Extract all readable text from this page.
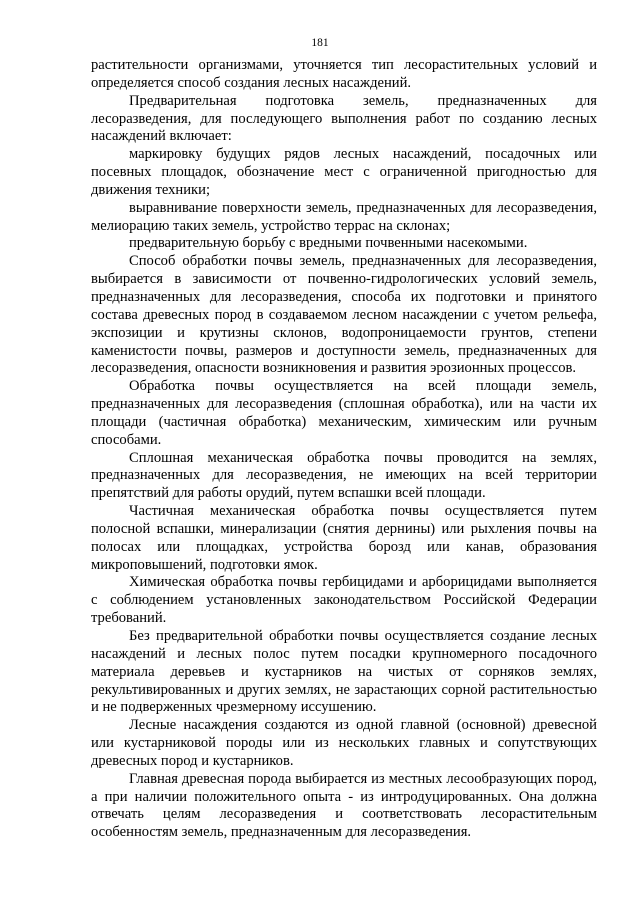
181

растительности организмами, уточняется тип лесорастительных условий и определяется способ создания лесных насаждений.

Предварительная подготовка земель, предназначенных для лесоразведения, для последующего выполнения работ по созданию лесных насаждений включает:

маркировку будущих рядов лесных насаждений, посадочных или посевных площадок, обозначение мест с ограниченной пригодностью для движения техники;

выравнивание поверхности земель, предназначенных для лесоразведения, мелиорацию таких земель, устройство террас на склонах;

предварительную борьбу с вредными почвенными насекомыми.

Способ обработки почвы земель, предназначенных для лесоразведения, выбирается в зависимости от почвенно-гидрологических условий земель, предназначенных для лесоразведения, способа их подготовки и принятого состава древесных пород в создаваемом лесном насаждении с учетом рельефа, экспозиции и крутизны склонов, водопроницаемости грунтов, степени каменистости почвы, размеров и доступности земель, предназначенных для лесоразведения, опасности возникновения и развития эрозионных процессов.

Обработка почвы осуществляется на всей площади земель, предназначенных для лесоразведения (сплошная обработка), или на части их площади (частичная обработка) механическим, химическим или ручным способами.

Сплошная механическая обработка почвы проводится на землях, предназначенных для лесоразведения, не имеющих на всей территории препятствий для работы орудий, путем вспашки всей площади.

Частичная механическая обработка почвы осуществляется путем полосной вспашки, минерализации (снятия дернины) или рыхления почвы на полосах или площадках, устройства борозд или канав, образования микроповышений, подготовки ямок.

Химическая обработка почвы гербицидами и арборицидами выполняется с соблюдением установленных законодательством Российской Федерации требований.

Без предварительной обработки почвы осуществляется создание лесных насаждений и лесных полос путем посадки крупномерного посадочного материала деревьев и кустарников на чистых от сорняков землях, рекультивированных и других землях, не зарастающих сорной растительностью и не подверженных чрезмерному иссушению.

Лесные насаждения создаются из одной главной (основной) древесной или кустарниковой породы или из нескольких главных и сопутствующих древесных пород и кустарников.

Главная древесная порода выбирается из местных лесообразующих пород, а при наличии положительного опыта - из интродуцированных. Она должна отвечать целям лесоразведения и соответствовать лесорастительным особенностям земель, предназначенным для лесоразведения.
